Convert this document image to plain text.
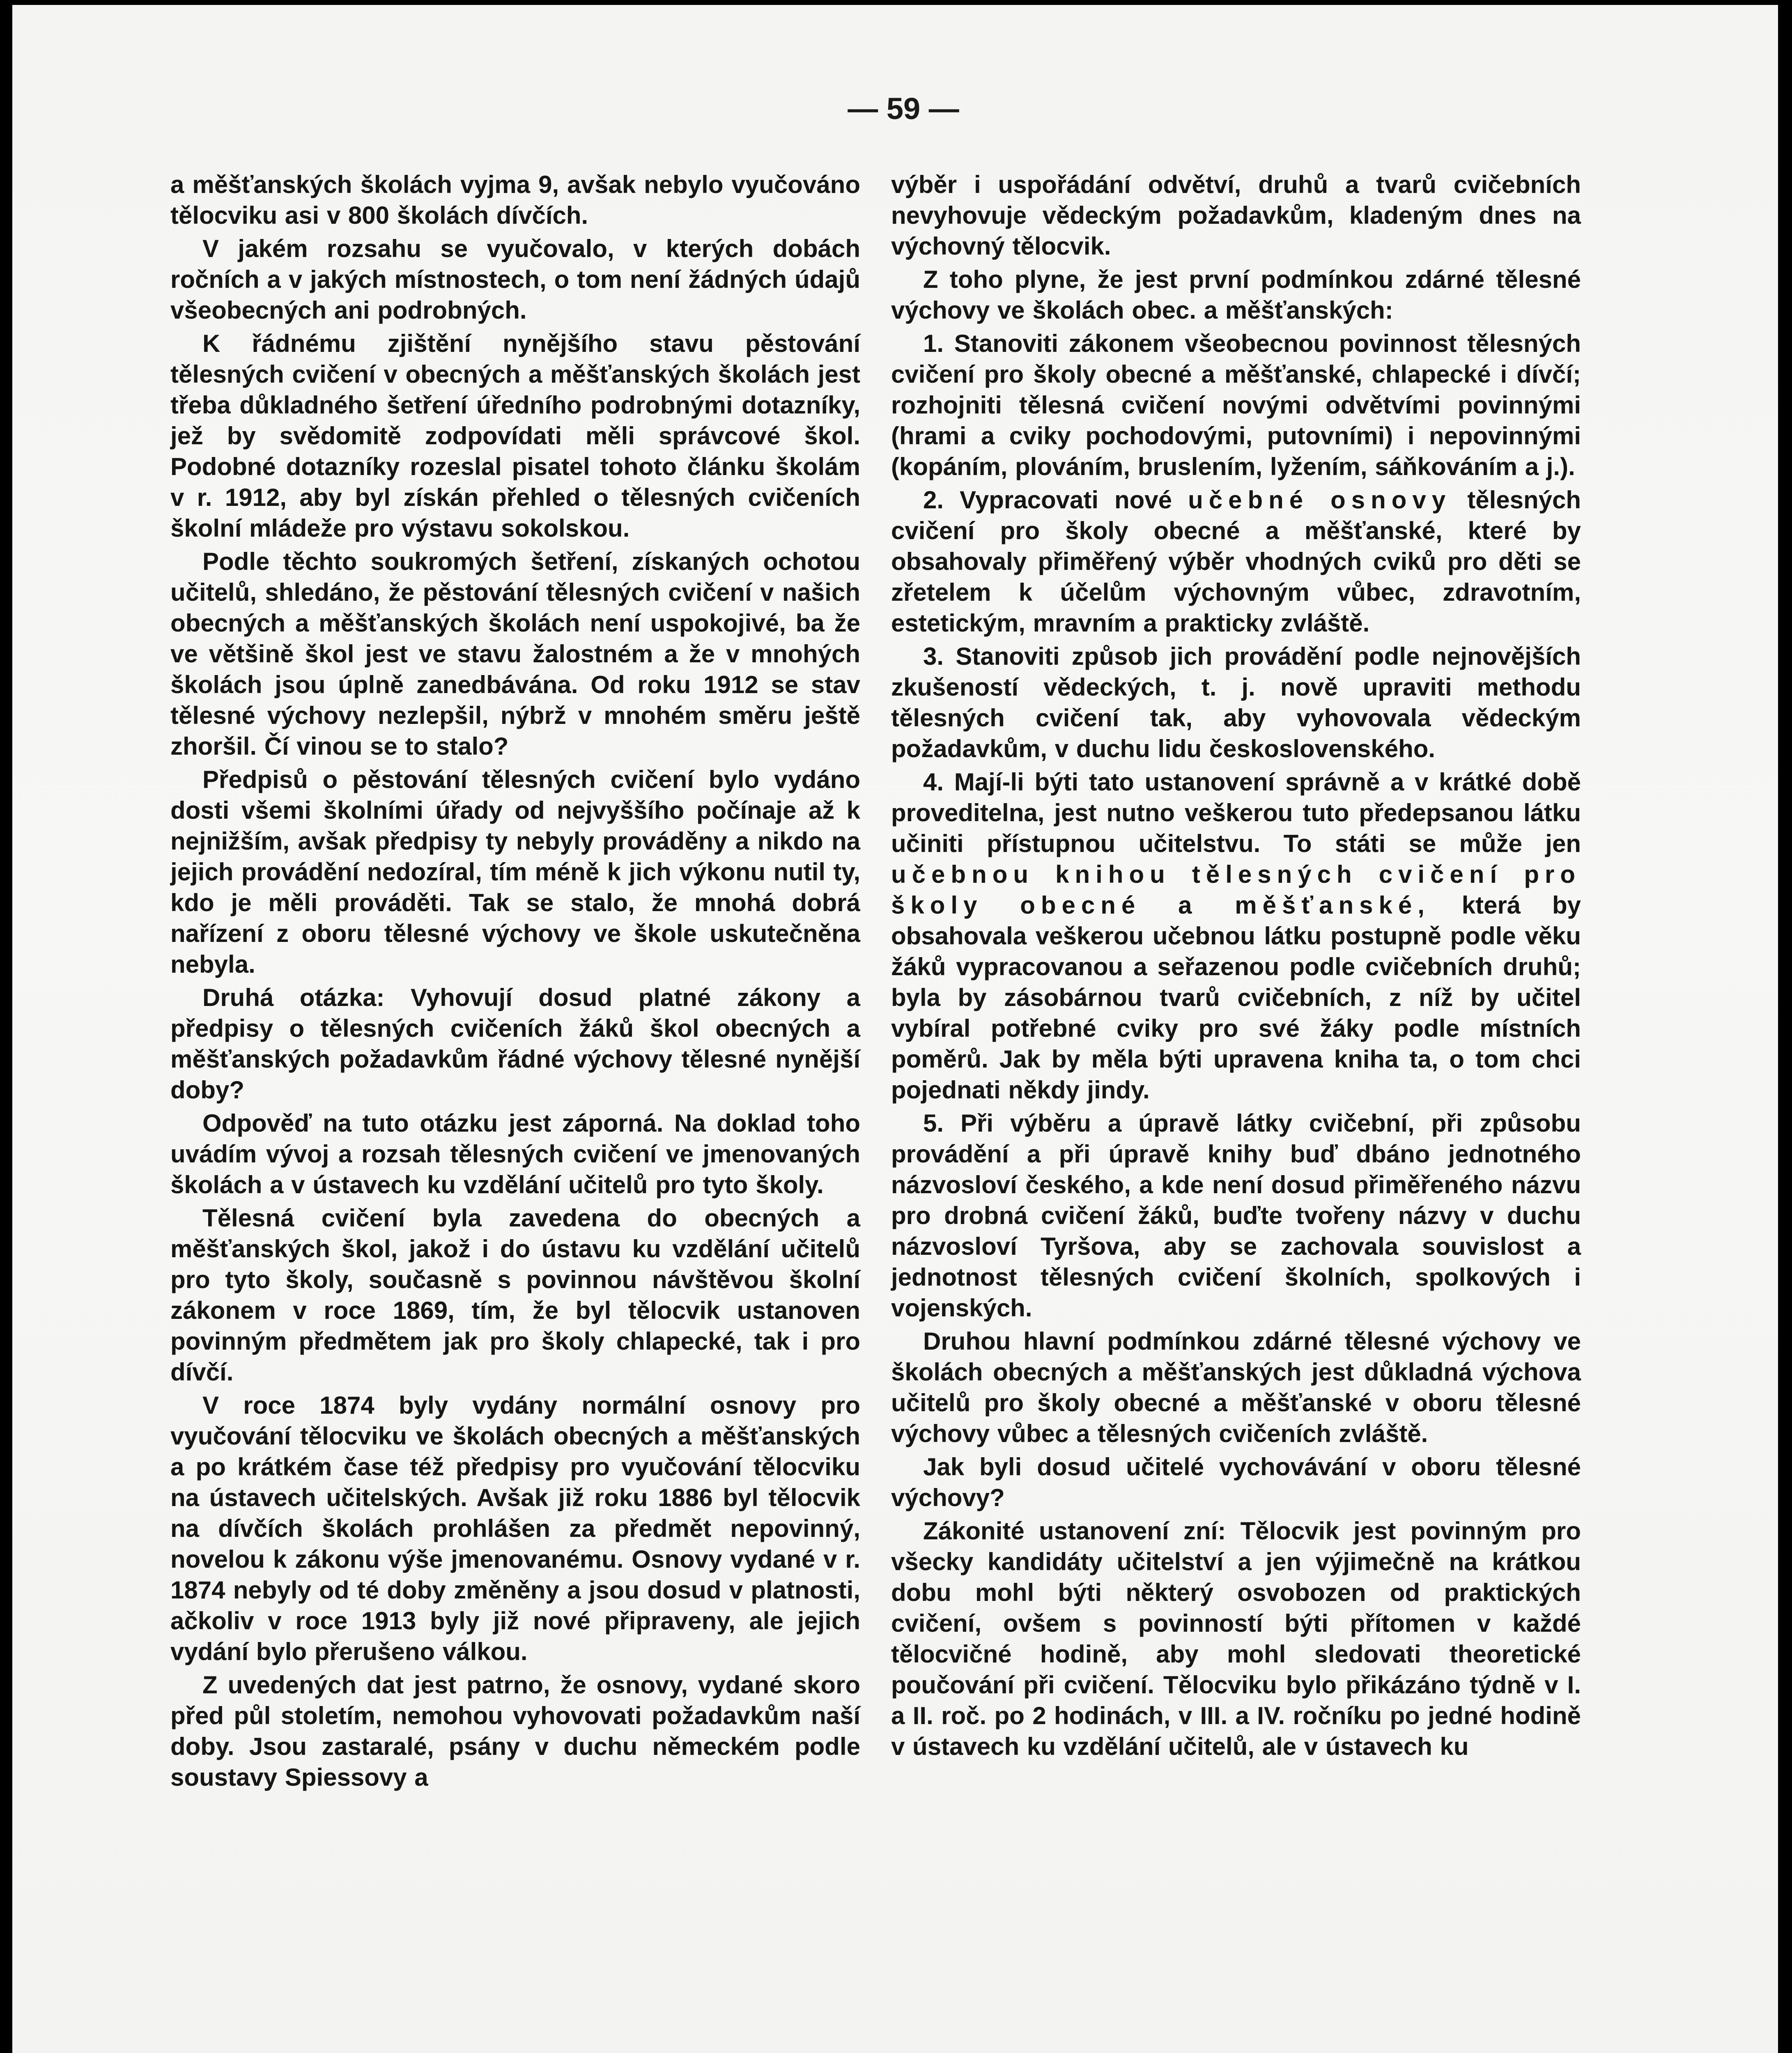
— 59 —

a měšťanských školách vyjma 9, avšak nebylo vyučováno tělocviku asi v 800 školách dívčích.

V jakém rozsahu se vyučovalo, v kterých dobách ročních a v jakých místnostech, o tom není žádných údajů všeobecných ani podrobných.

K řádnému zjištění nynějšího stavu pěstování tělesných cvičení v obecných a měšťanských školách jest třeba důkladného šetření úředního podrobnými dotazníky, jež by svědomitě zodpovídati měli správcové škol. Podobné dotazníky rozeslal pisatel tohoto článku školám v r. 1912, aby byl získán přehled o tělesných cvičeních školní mládeže pro výstavu sokolskou.

Podle těchto soukromých šetření, získaných ochotou učitelů, shledáno, že pěstování tělesných cvičení v našich obecných a měšťanských školách není uspokojivé, ba že ve většině škol jest ve stavu žalostném a že v mnohých školách jsou úplně zanedbávána. Od roku 1912 se stav tělesné výchovy nezlepšil, nýbrž v mnohém směru ještě zhoršil. Čí vinou se to stalo?

Předpisů o pěstování tělesných cvičení bylo vydáno dosti všemi školními úřady od nejvyššího počínaje až k nejnižším, avšak předpisy ty nebyly prováděny a nikdo na jejich provádění nedozíral, tím méně k jich výkonu nutil ty, kdo je měli prováděti. Tak se stalo, že mnohá dobrá nařízení z oboru tělesné výchovy ve škole uskutečněna nebyla.

Druhá otázka: Vyhovují dosud platné zákony a předpisy o tělesných cvičeních žáků škol obecných a měšťanských požadavkům řádné výchovy tělesné nynější doby?

Odpověď na tuto otázku jest záporná. Na doklad toho uvádím vývoj a rozsah tělesných cvičení ve jmenovaných školách a v ústavech ku vzdělání učitelů pro tyto školy.

Tělesná cvičení byla zavedena do obecných a měšťanských škol, jakož i do ústavu ku vzdělání učitelů pro tyto školy, současně s povinnou návštěvou školní zákonem v roce 1869, tím, že byl tělocvik ustanoven povinným předmětem jak pro školy chlapecké, tak i pro dívčí.

V roce 1874 byly vydány normální osnovy pro vyučování tělocviku ve školách obecných a měšťanských a po krátkém čase též předpisy pro vyučování tělocviku na ústavech učitelských. Avšak již roku 1886 byl tělocvik na dívčích školách prohlášen za předmět nepovinný, novelou k zákonu výše jmenovanému. Osnovy vydané v r. 1874 nebyly od té doby změněny a jsou dosud v platnosti, ačkoliv v roce 1913 byly již nové připraveny, ale jejich vydání bylo přerušeno válkou.

Z uvedených dat jest patrno, že osnovy, vydané skoro před půl stoletím, nemohou vyhovovati požadavkům naší doby. Jsou zastaralé, psány v duchu německém podle soustavy Spiessovy a

výběr i uspořádání odvětví, druhů a tvarů cvičebních nevyhovuje vědeckým požadavkům, kladeným dnes na výchovný tělocvik.

Z toho plyne, že jest první podmínkou zdárné tělesné výchovy ve školách obec. a měšťanských:

1. Stanoviti zákonem všeobecnou povinnost tělesných cvičení pro školy obecné a měšťanské, chlapecké i dívčí; rozhojniti tělesná cvičení novými odvětvími povinnými (hrami a cviky pochodovými, putovními) i nepovinnými (kopáním, plováním, bruslením, lyžením, sáňkováním a j.).

2. Vypracovati nové učebné osnovy tělesných cvičení pro školy obecné a měšťanské, které by obsahovaly přiměřený výběr vhodných cviků pro děti se zřetelem k účelům výchovným vůbec, zdravotním, estetickým, mravním a prakticky zvláště.

3. Stanoviti způsob jich provádění podle nejnovějších zkušeností vědeckých, t. j. nově upraviti methodu tělesných cvičení tak, aby vyhovovala vědeckým požadavkům, v duchu lidu československého.

4. Mají-li býti tato ustanovení správně a v krátké době proveditelna, jest nutno veškerou tuto předepsanou látku učiniti přístupnou učitelstvu. To státi se může jen učebnou knihou tělesných cvičení pro školy obecné a měšťanské, která by obsahovala veškerou učebnou látku postupně podle věku žáků vypracovanou a seřazenou podle cvičebních druhů; byla by zásobárnou tvarů cvičebních, z níž by učitel vybíral potřebné cviky pro své žáky podle místních poměrů. Jak by měla býti upravena kniha ta, o tom chci pojednati někdy jindy.

5. Při výběru a úpravě látky cvičební, při způsobu provádění a při úpravě knihy buď dbáno jednotného názvosloví českého, a kde není dosud přiměřeného názvu pro drobná cvičení žáků, buďte tvořeny názvy v duchu názvosloví Tyršova, aby se zachovala souvislost a jednotnost tělesných cvičení školních, spolkových i vojenských.

Druhou hlavní podmínkou zdárné tělesné výchovy ve školách obecných a měšťanských jest důkladná výchova učitelů pro školy obecné a měšťanské v oboru tělesné výchovy vůbec a tělesných cvičeních zvláště.

Jak byli dosud učitelé vychovávání v oboru tělesné výchovy?

Zákonité ustanovení zní: Tělocvik jest povinným pro všecky kandidáty učitelství a jen výjimečně na krátkou dobu mohl býti některý osvobozen od praktických cvičení, ovšem s povinností býti přítomen v každé tělocvičné hodině, aby mohl sledovati theoretické poučování při cvičení. Tělocviku bylo přikázáno týdně v I. a II. roč. po 2 hodinách, v III. a IV. ročníku po jedné hodině v ústavech ku vzdělání učitelů, ale v ústavech ku
